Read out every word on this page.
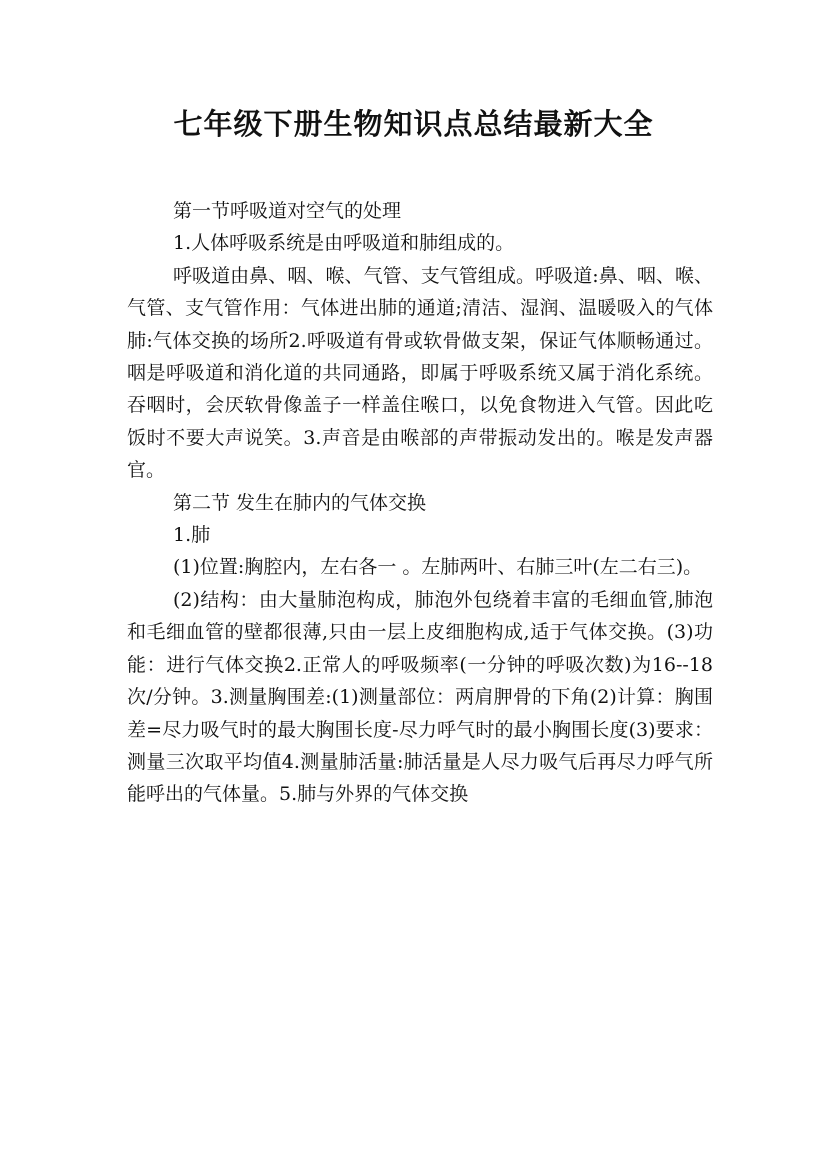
七年级下册生物知识点总结最新大全

第一节呼吸道对空气的处理

1.人体呼吸系统是由呼吸道和肺组成的。

呼吸道由鼻、咽、喉、气管、支气管组成。呼吸道:鼻、咽、喉、气管、支气管作用：气体进出肺的通道;清洁、湿润、温暖吸入的气体肺:气体交换的场所2.呼吸道有骨或软骨做支架，保证气体顺畅通过。咽是呼吸道和消化道的共同通路，即属于呼吸系统又属于消化系统。吞咽时，会厌软骨像盖子一样盖住喉口，以免食物进入气管。因此吃饭时不要大声说笑。3.声音是由喉部的声带振动发出的。喉是发声器官。

第二节 发生在肺内的气体交换

1.肺

(1)位置:胸腔内，左右各一 。左肺两叶、右肺三叶(左二右三)。

(2)结构：由大量肺泡构成，肺泡外包绕着丰富的毛细血管,肺泡和毛细血管的壁都很薄,只由一层上皮细胞构成,适于气体交换。(3)功能：进行气体交换2.正常人的呼吸频率(一分钟的呼吸次数)为16--18次/分钟。3.测量胸围差:(1)测量部位：两肩胛骨的下角(2)计算：胸围差=尽力吸气时的最大胸围长度-尽力呼气时的最小胸围长度(3)要求：测量三次取平均值4.测量肺活量:肺活量是人尽力吸气后再尽力呼气所能呼出的气体量。5.肺与外界的气体交换
